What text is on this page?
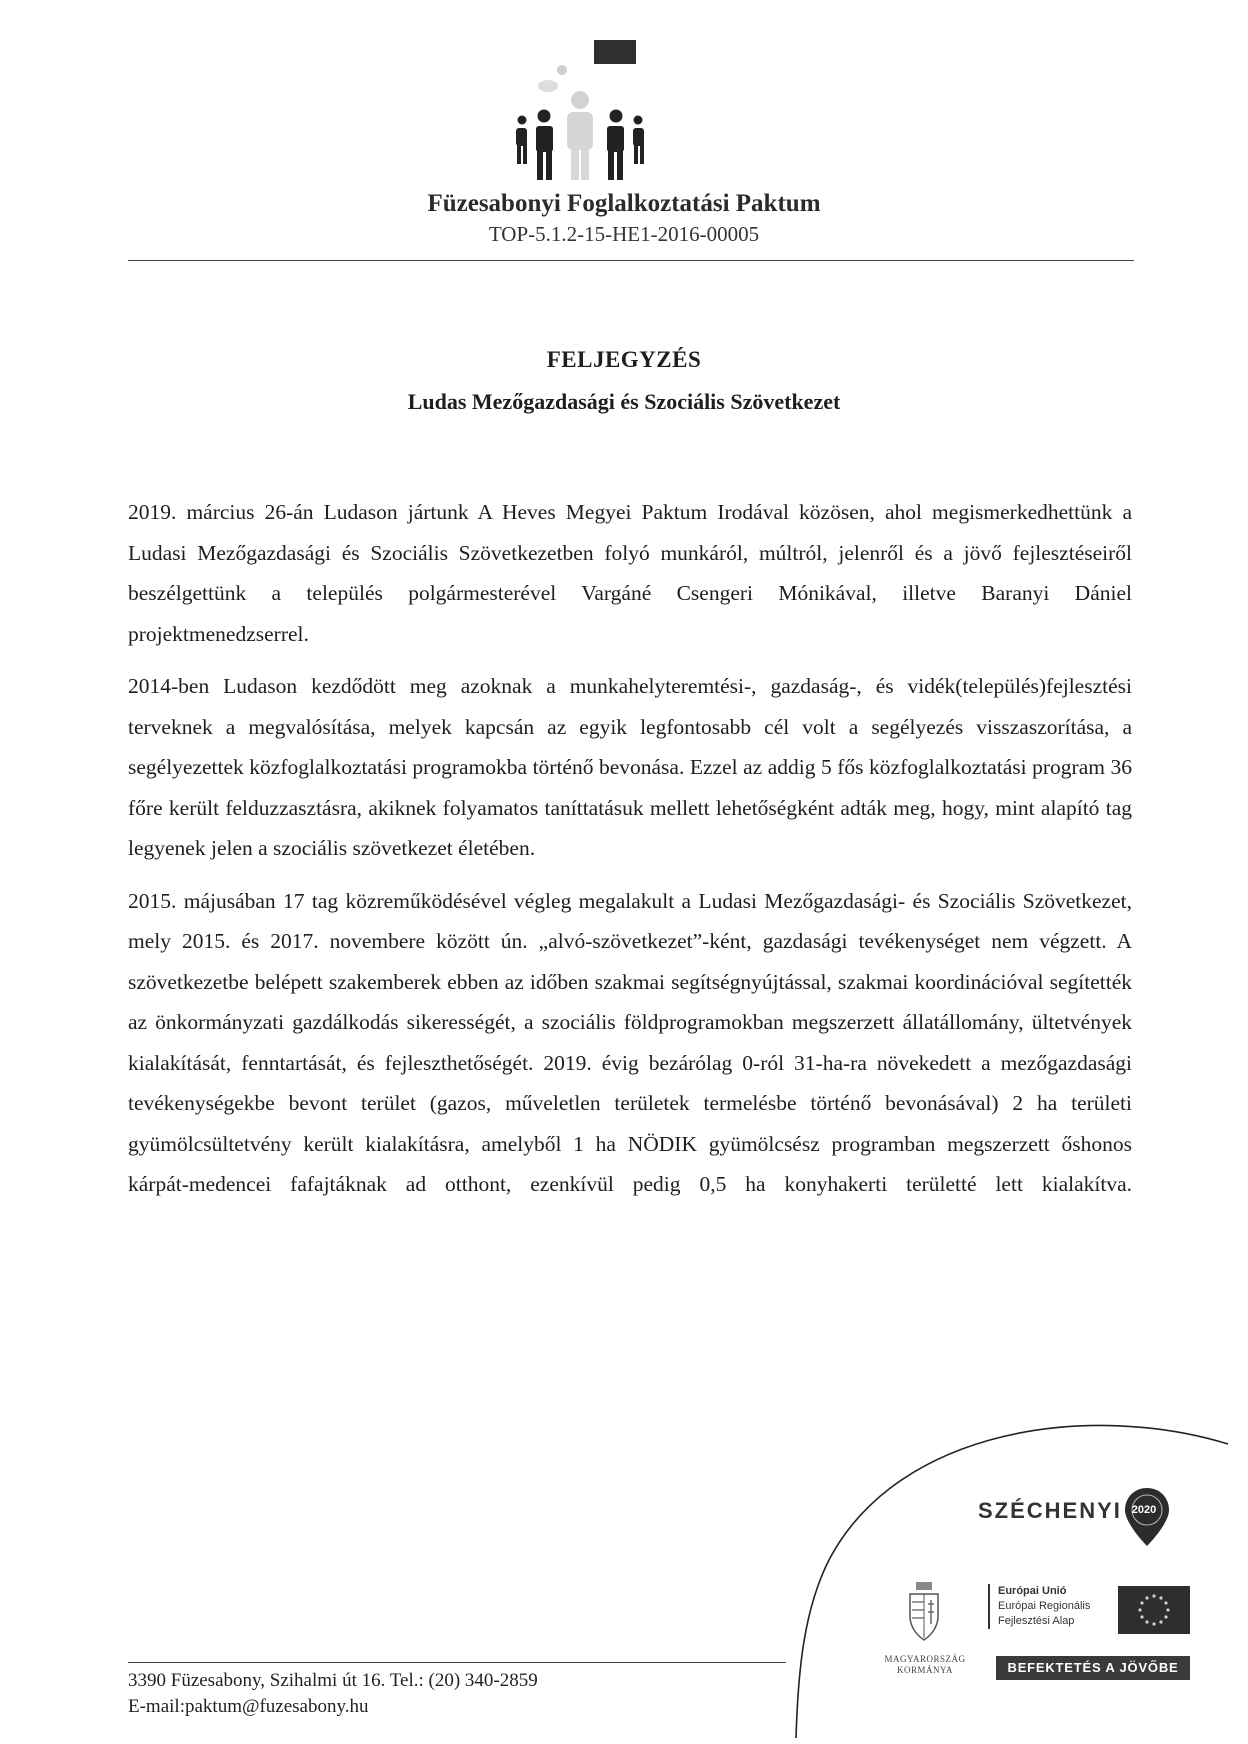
Füzesabonyi Foglalkoztatási Paktum
TOP-5.1.2-15-HE1-2016-00005
FELJEGYZÉS
Ludas Mezőgazdasági és Szociális Szövetkezet

2019. március 26-án Ludason jártunk A Heves Megyei Paktum Irodával közösen, ahol megismerkedhettünk a Ludasi Mezőgazdasági és Szociális Szövetkezetben folyó munkáról, múltról, jelenről és a jövő fejlesztéseiről beszélgettünk a település polgármesterével Vargáné Csengeri Mónikával, illetve Baranyi Dániel projektmenedzserrel.

2014-ben Ludason kezdődött meg azoknak a munkahelyteremtési-, gazdaság-, és vidék(település)fejlesztési terveknek a megvalósítása, melyek kapcsán az egyik legfontosabb cél volt a segélyezés visszaszorítása, a segélyezettek közfoglalkoztatási programokba történő bevonása. Ezzel az addig 5 fős közfoglalkoztatási program 36 főre került felduzzasztásra, akiknek folyamatos taníttatásuk mellett lehetőségként adták meg, hogy, mint alapító tag legyenek jelen a szociális szövetkezet életében.

2015. májusában 17 tag közreműködésével végleg megalakult a Ludasi Mezőgazdasági- és Szociális Szövetkezet, mely 2015. és 2017. novembere között ún. „alvó-szövetkezet”-ként, gazdasági tevékenységet nem végzett. A szövetkezetbe belépett szakemberek ebben az időben szakmai segítségnyújtással, szakmai koordinációval segítették az önkormányzati gazdálkodás sikerességét, a szociális földprogramokban megszerzett állatállomány, ültetvények kialakítását, fenntartását, és fejleszthetőségét. 2019. évig bezárólag 0-ról 31-ha-ra növekedett a mezőgazdasági tevékenységekbe bevont terület (gazos, műveletlen területek termelésbe történő bevonásával) 2 ha területi gyümölcsültetvény került kialakításra, amelyből 1 ha NÖDIK gyümölcsész programban megszerzett őshonos kárpát-medencei fafajtáknak ad otthont, ezenkívül pedig 0,5 ha konyhakerti területté lett kialakítva.

SZÉCHENYI 2020
MAGYARORSZÁG KORMÁNYA
Európai Unió
Európai Regionális
Fejlesztési Alap
BEFEKTETÉS A JÖVŐBE
3390 Füzesabony, Szihalmi út 16. Tel.: (20) 340-2859
E-mail:paktum@fuzesabony.hu
